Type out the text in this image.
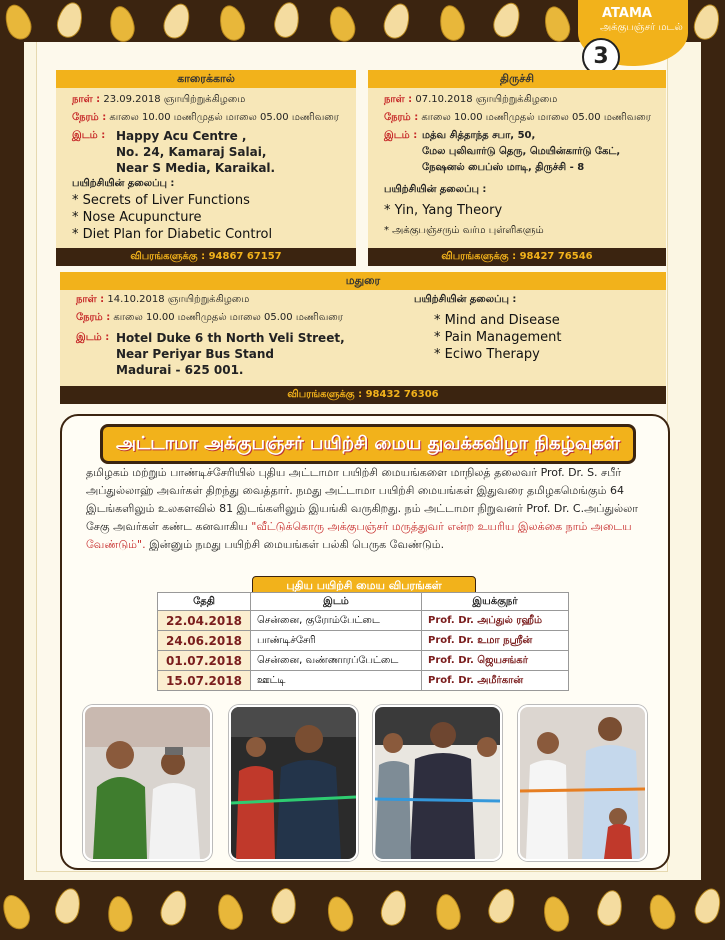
ATAMA
அக்குபஞ்சர் மடல்
3
காரைக்கால்
நாள் : 23.09.2018 ஞாயிற்றுக்கிழமை
நேரம் : காலை 10.00 மணிமுதல் மாலை 05.00 மணிவரை
இடம் : Happy Acu Centre ,
No. 24, Kamaraj Salai,
Near S Media, Karaikal.
பயிற்சியின் தலைப்பு :
* Secrets of Liver Functions
* Nose Acupuncture
* Diet Plan for Diabetic Control
விபரங்களுக்கு : 94867 67157
திருச்சி
நாள் : 07.10.2018 ஞாயிற்றுக்கிழமை
நேரம் : காலை 10.00 மணிமுதல் மாலை 05.00 மணிவரை
இடம் : மத்வ சித்தாந்த சபா, 50,
மேல புலிவார்டு தெரு, மெயின்கார்டு கேட்,
நேஷனல் பைப்ஸ் மாடி, திருச்சி - 8
பயிற்சியின் தலைப்பு :
* Yin, Yang Theory
* அக்குபஞ்சரும் வர்ம புள்ளிகளும்
விபரங்களுக்கு : 98427 76546
மதுரை
நாள் : 14.10.2018 ஞாயிற்றுக்கிழமை
நேரம் : காலை 10.00 மணிமுதல் மாலை 05.00 மணிவரை
இடம் : Hotel Duke 6 th North Veli Street,
Near Periyar Bus Stand
Madurai - 625 001.
பயிற்சியின் தலைப்பு :
* Mind and Disease
* Pain Management
* Eciwo Therapy
விபரங்களுக்கு : 98432 76306
அட்டாமா அக்குபஞ்சர் பயிற்சி மைய துவக்கவிழா நிகழ்வுகள்
தமிழகம் மற்றும் பாண்டிச்சேரியில் புதிய அட்டாமா பயிற்சி மையங்களை மாநிலத் தலைவர் Prof. Dr. S. சபீர் அப்துல்லாஹ் அவர்கள் திறந்து வைத்தார். நமது அட்டாமா பயிற்சி மையங்கள் இதுவரை தமிழகமெங்கும் 64 இடங்களிலும் உலகளவில் 81 இடங்களிலும் இயங்கி வருகிறது. நம் அட்டாமா நிறுவனர் Prof. Dr. C.அப்துல்லா சேகு அவர்கள் கண்ட கனவாகிய "வீட்டுக்கொரு அக்குபஞ்சர் மருத்துவர் என்ற உயரிய இலக்கை நாம் அடைய வேண்டும்". இன்னும் நமது பயிற்சி மையங்கள் பல்கி பெருக வேண்டும்.
புதிய பயிற்சி மைய விபரங்கள்
தேதி	இடம்	இயக்குநர்
22.04.2018	சென்னை, குரோம்பேட்டை	Prof. Dr. அப்துல் ரஹீம்
24.06.2018	பாண்டிச்சேரி	Prof. Dr. உமா நஸ்ரீன்
01.07.2018	சென்னை, வண்ணாரப்பேட்டை	Prof. Dr. ஜெயசங்கர்
15.07.2018	ஊட்டி	Prof. Dr. அமீர்கான்
